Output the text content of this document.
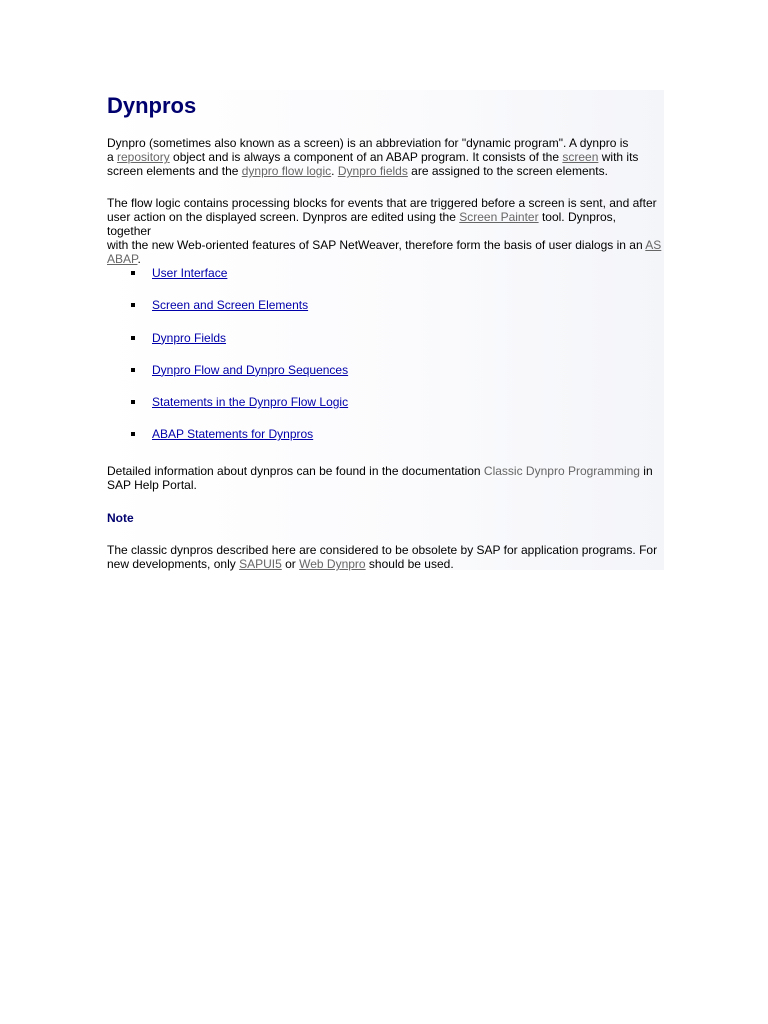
Dynpros

Dynpro (sometimes also known as a screen) is an abbreviation for "dynamic program". A dynpro is
a repository object and is always a component of an ABAP program. It consists of the screen with its
screen elements and the dynpro flow logic. Dynpro fields are assigned to the screen elements.

The flow logic contains processing blocks for events that are triggered before a screen is sent, and after
user action on the displayed screen. Dynpros are edited using the Screen Painter tool. Dynpros, together
with the new Web-oriented features of SAP NetWeaver, therefore form the basis of user dialogs in an AS
ABAP.

User Interface
Screen and Screen Elements
Dynpro Fields
Dynpro Flow and Dynpro Sequences
Statements in the Dynpro Flow Logic
ABAP Statements for Dynpros

Detailed information about dynpros can be found in the documentation Classic Dynpro Programming in
SAP Help Portal.

Note

The classic dynpros described here are considered to be obsolete by SAP for application programs. For
new developments, only SAPUI5 or Web Dynpro should be used.
